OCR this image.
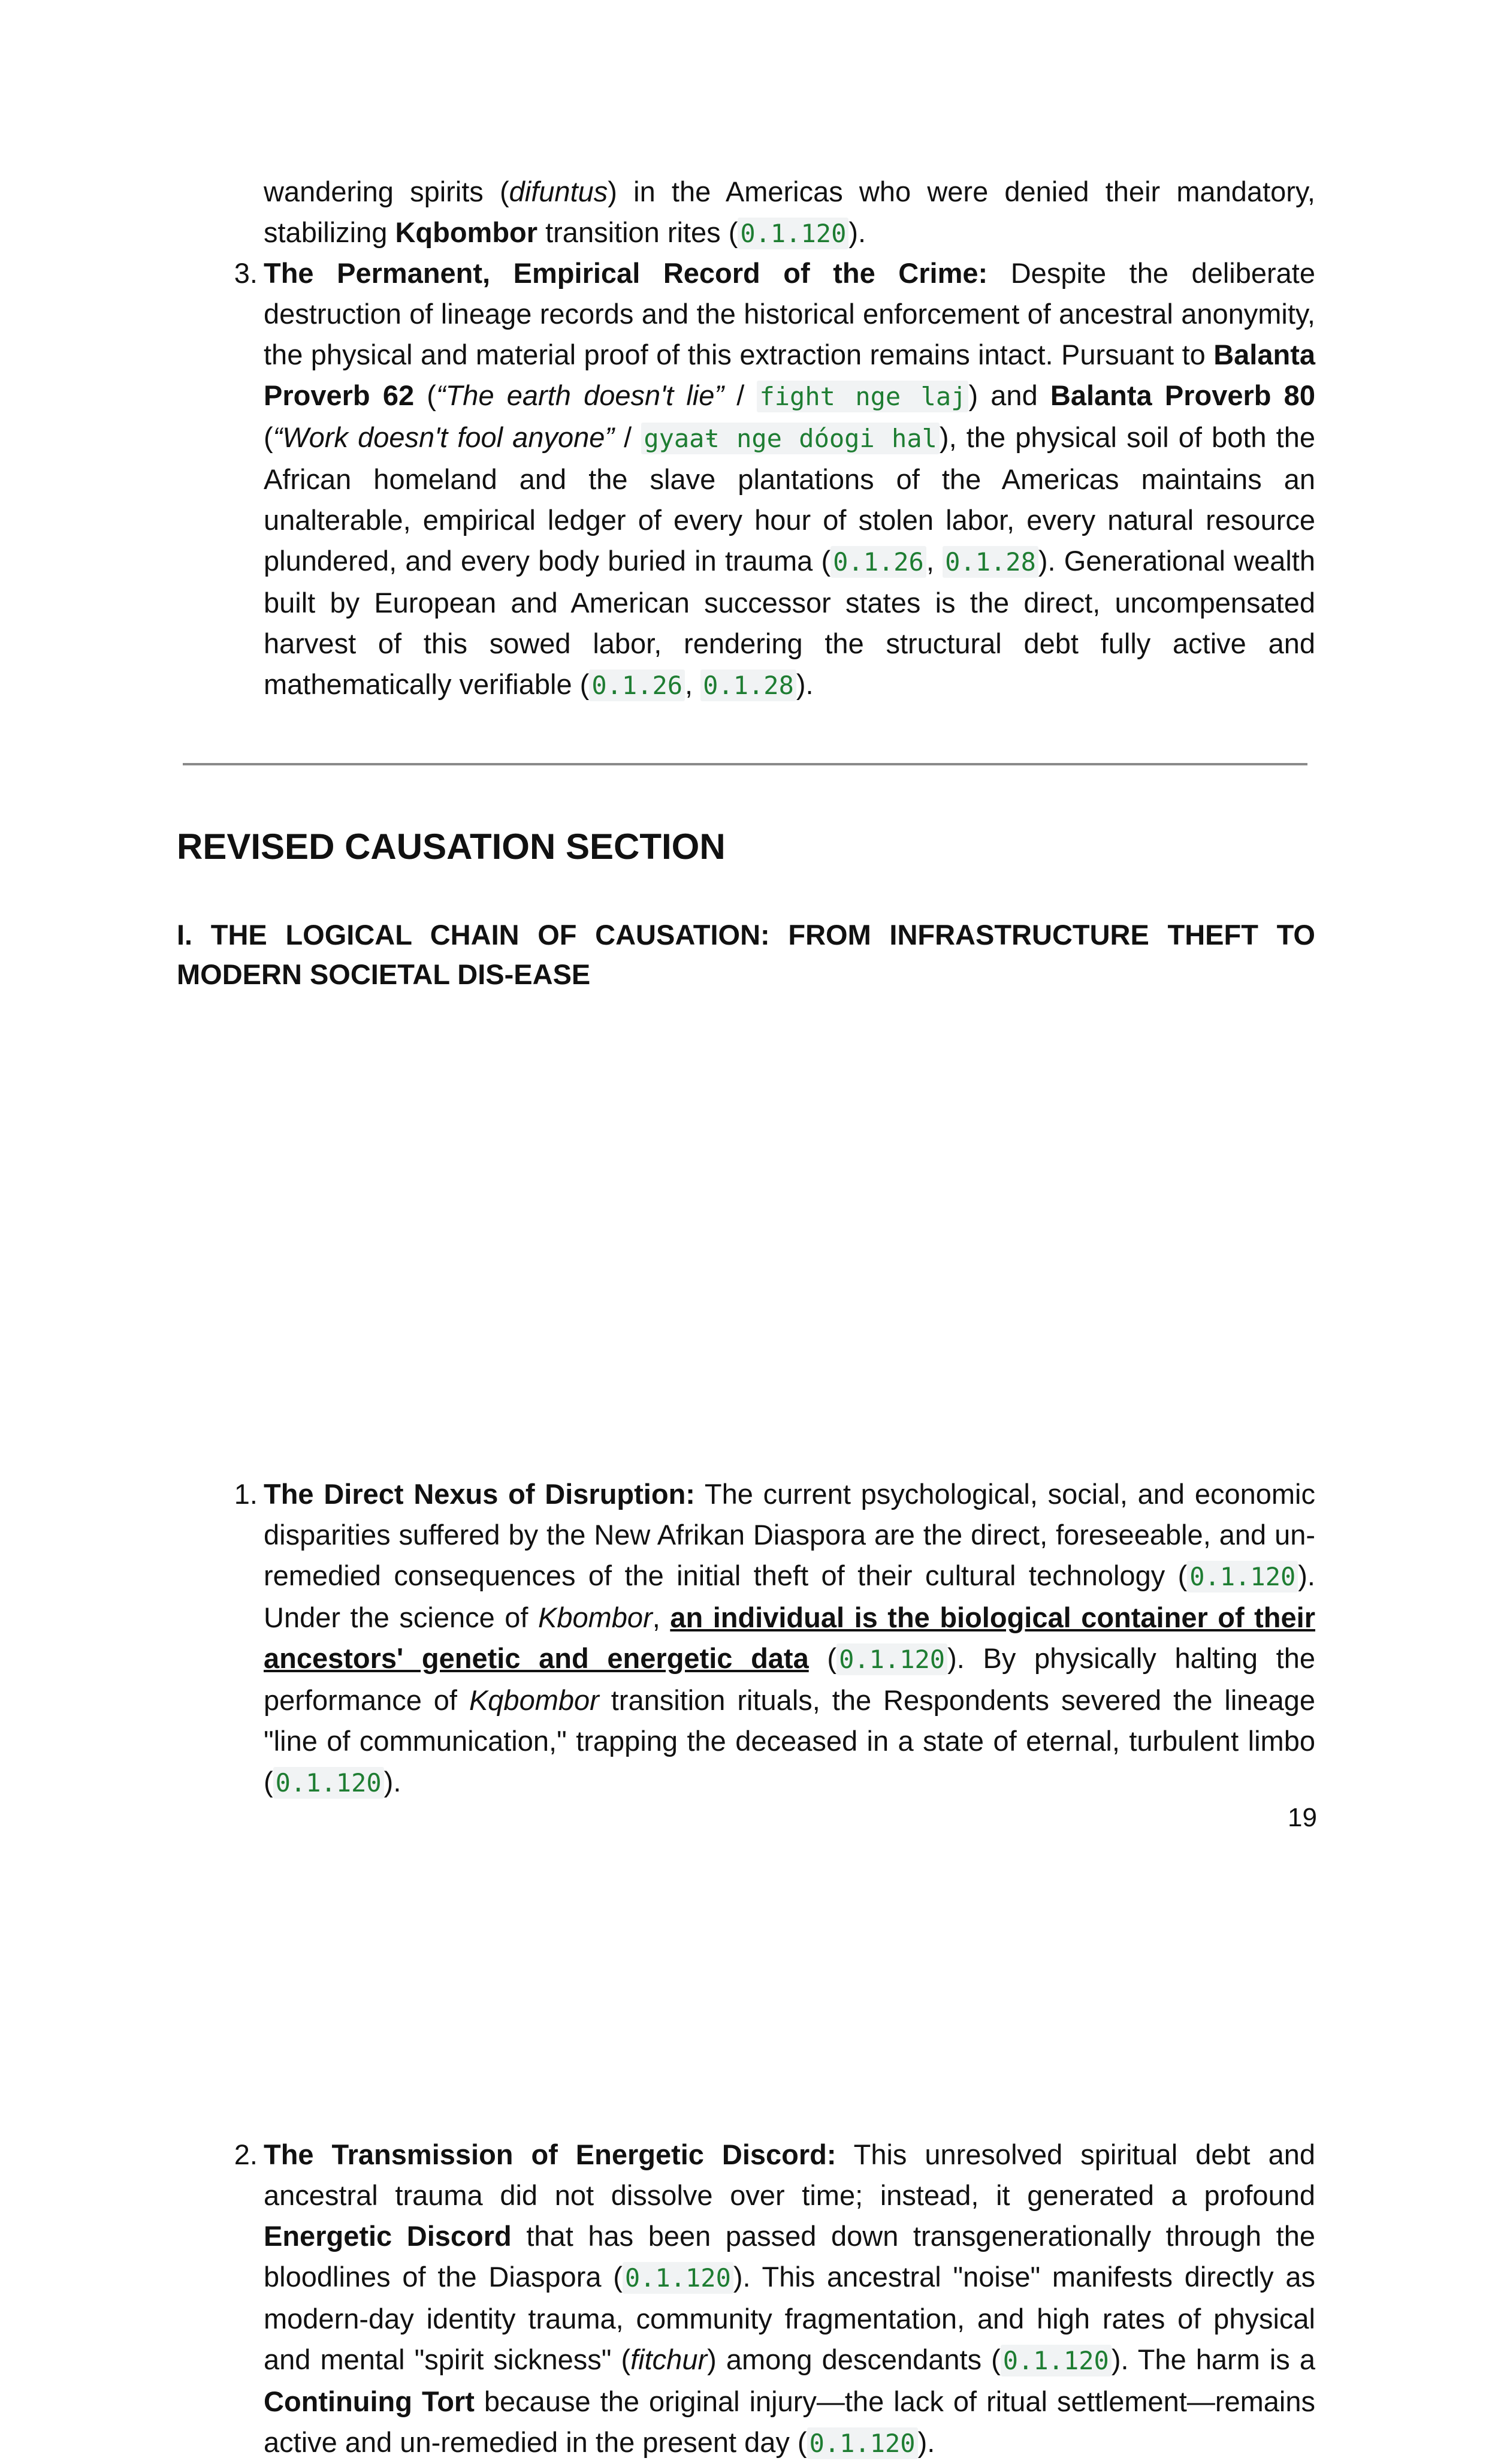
wandering spirits (difuntus) in the Americas who were denied their mandatory, stabilizing Kqbombor transition rites (0.1.120).
3. The Permanent, Empirical Record of the Crime: Despite the deliberate destruction of lineage records and the historical enforcement of ancestral anonymity, the physical and material proof of this extraction remains intact. Pursuant to Balanta Proverb 62 (“The earth doesn't lie” / fight nge laj) and Balanta Proverb 80 (“Work doesn't fool anyone” / gyaaŧ nge dóogi hal), the physical soil of both the African homeland and the slave plantations of the Americas maintains an unalterable, empirical ledger of every hour of stolen labor, every natural resource plundered, and every body buried in trauma (0.1.26, 0.1.28). Generational wealth built by European and American successor states is the direct, uncompensated harvest of this sowed labor, rendering the structural debt fully active and mathematically verifiable (0.1.26, 0.1.28).
REVISED CAUSATION SECTION
I. THE LOGICAL CHAIN OF CAUSATION: FROM INFRASTRUCTURE THEFT TO MODERN SOCIETAL DIS-EASE
1. The Direct Nexus of Disruption: The current psychological, social, and economic disparities suffered by the New Afrikan Diaspora are the direct, foreseeable, and un-remedied consequences of the initial theft of their cultural technology (0.1.120). Under the science of Kbombor, an individual is the biological container of their ancestors' genetic and energetic data (0.1.120). By physically halting the performance of Kqbombor transition rituals, the Respondents severed the lineage "line of communication," trapping the deceased in a state of eternal, turbulent limbo (0.1.120).
2. The Transmission of Energetic Discord: This unresolved spiritual debt and ancestral trauma did not dissolve over time; instead, it generated a profound Energetic Discord that has been passed down transgenerationally through the bloodlines of the Diaspora (0.1.120). This ancestral "noise" manifests directly as modern-day identity trauma, community fragmentation, and high rates of physical and mental "spirit sickness" (fitchur) among descendants (0.1.120). The harm is a Continuing Tort because the original injury—the lack of ritual settlement—remains active and un-remedied in the present day (0.1.120).
19
